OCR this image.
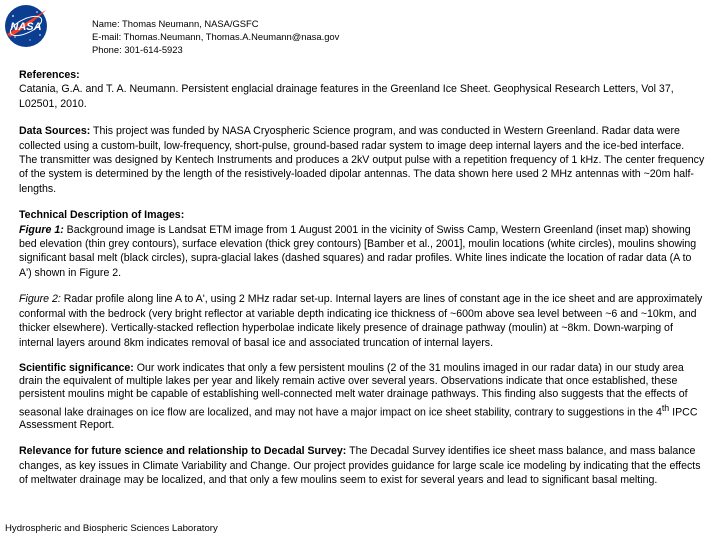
NASA	Name: Thomas Neumann, NASA/GSFC
E-mail: Thomas.Neumann, Thomas.A.Neumann@nasa.gov
Phone: 301-614-5923

References:
Catania, G.A. and T. A. Neumann. Persistent englacial drainage features in the Greenland Ice Sheet. Geophysical Research Letters, Vol 37, L02501, 2010.

Data Sources: This project was funded by NASA Cryospheric Science program, and was conducted in Western Greenland. Radar data were collected using a custom-built, low-frequency, short-pulse, ground-based radar system to image deep internal layers and the ice-bed interface. The transmitter was designed by Kentech Instruments and produces a 2kV output pulse with a repetition frequency of 1 kHz. The center frequency of the system is determined by the length of the resistively-loaded dipolar antennas. The data shown here used 2 MHz antennas with ~20m half-lengths.

Technical Description of Images:
Figure 1: Background image is Landsat ETM image from 1 August 2001 in the vicinity of Swiss Camp, Western Greenland (inset map) showing bed elevation (thin grey contours), surface elevation (thick grey contours) [Bamber et al., 2001], moulin locations (white circles), moulins showing significant basal melt (black circles), supra-glacial lakes (dashed squares) and radar profiles. White lines indicate the location of radar data (A to A') shown in Figure 2.

Figure 2: Radar profile along line A to A', using 2 MHz radar set-up. Internal layers are lines of constant age in the ice sheet and are approximately conformal with the bedrock (very bright reflector at variable depth indicating ice thickness of ~600m above sea level between ~6 and ~10km, and thicker elsewhere). Vertically-stacked reflection hyperbolae indicate likely presence of drainage pathway (moulin) at ~8km. Down-warping of internal layers around 8km indicates removal of basal ice and associated truncation of internal layers.

Scientific significance: Our work indicates that only a few persistent moulins (2 of the 31 moulins imaged in our radar data) in our study area drain the equivalent of multiple lakes per year and likely remain active over several years. Observations indicate that once established, these persistent moulins might be capable of establishing well-connected melt water drainage pathways. This finding also suggests that the effects of seasonal lake drainages on ice flow are localized, and may not have a major impact on ice sheet stability, contrary to suggestions in the 4th IPCC Assessment Report.

Relevance for future science and relationship to Decadal Survey: The Decadal Survey identifies ice sheet mass balance, and mass balance changes, as key issues in Climate Variability and Change. Our project provides guidance for large scale ice modeling by indicating that the effects of meltwater drainage may be localized, and that only a few moulins seem to exist for several years and lead to significant basal melting.

Hydrospheric and Biospheric Sciences Laboratory
